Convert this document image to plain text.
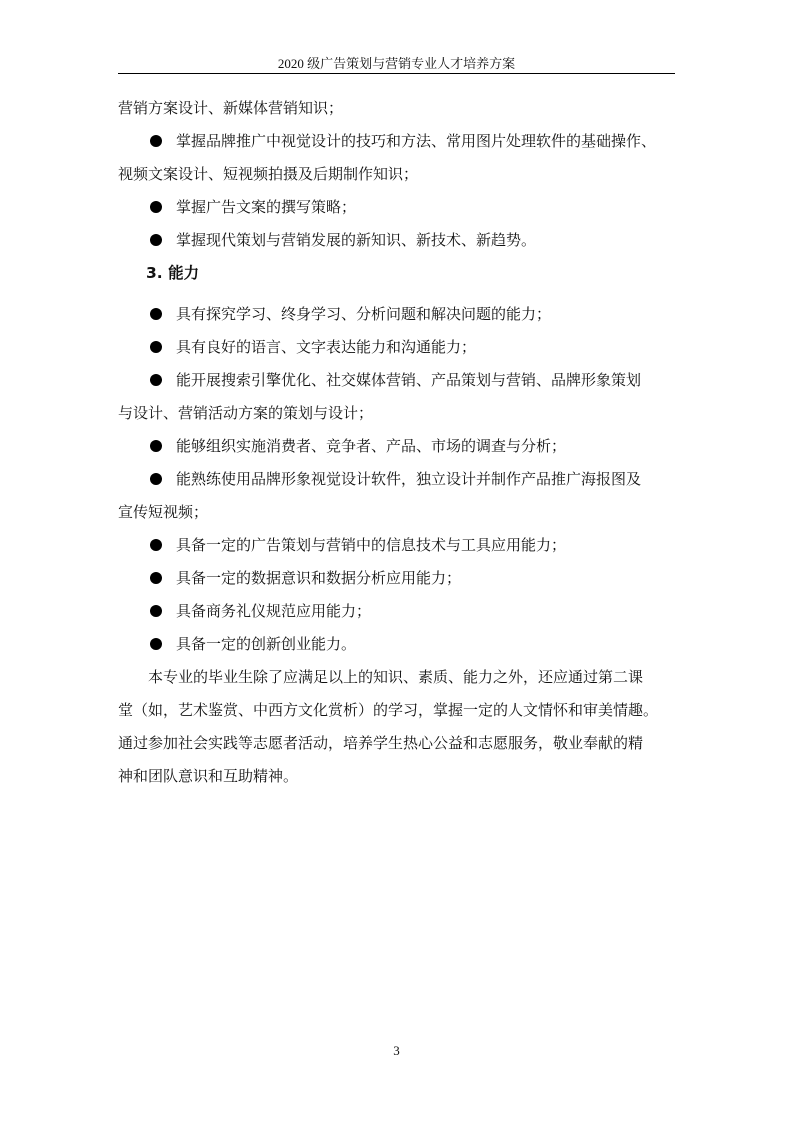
2020 级广告策划与营销专业人才培养方案
营销方案设计、新媒体营销知识；
掌握品牌推广中视觉设计的技巧和方法、常用图片处理软件的基础操作、
视频文案设计、短视频拍摄及后期制作知识；
掌握广告文案的撰写策略；
掌握现代策划与营销发展的新知识、新技术、新趋势。
3. 能力
具有探究学习、终身学习、分析问题和解决问题的能力；
具有良好的语言、文字表达能力和沟通能力；
能开展搜索引擎优化、社交媒体营销、产品策划与营销、品牌形象策划
与设计、营销活动方案的策划与设计；
能够组织实施消费者、竞争者、产品、市场的调查与分析；
能熟练使用品牌形象视觉设计软件，独立设计并制作产品推广海报图及
宣传短视频；
具备一定的广告策划与营销中的信息技术与工具应用能力；
具备一定的数据意识和数据分析应用能力；
具备商务礼仪规范应用能力；
具备一定的创新创业能力。
本专业的毕业生除了应满足以上的知识、素质、能力之外，还应通过第二课
堂（如，艺术鉴赏、中西方文化赏析）的学习，掌握一定的人文情怀和审美情趣。
通过参加社会实践等志愿者活动，培养学生热心公益和志愿服务，敬业奉献的精
神和团队意识和互助精神。
3
